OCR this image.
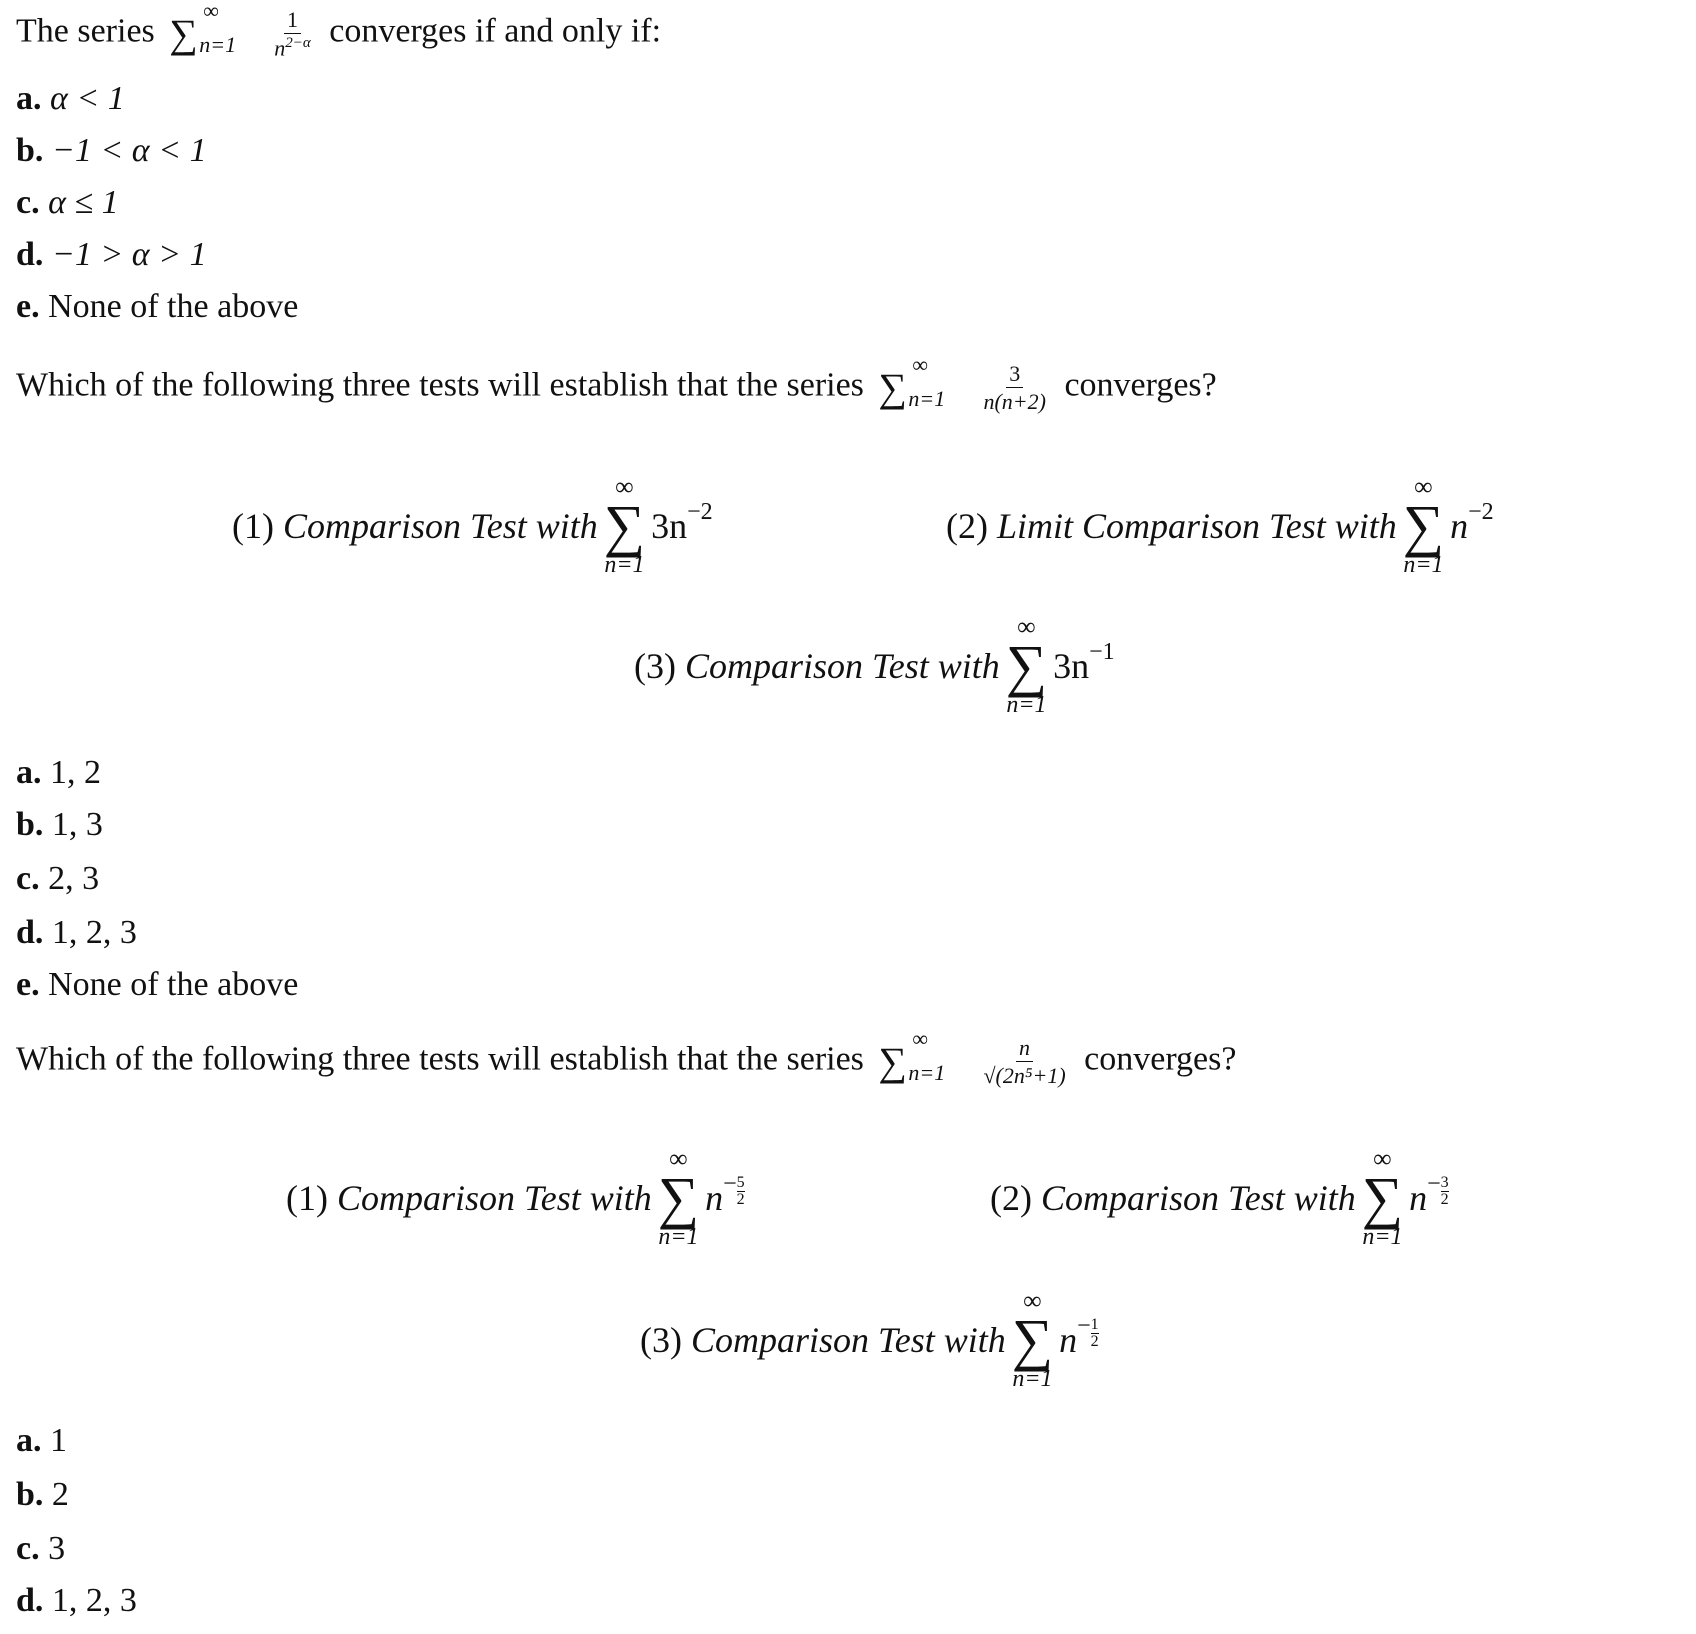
The series ∑
∞
n=1
$\frac{1}{n^{2-\alpha}}$ converges if and only if:
a. α < 1
b. −1 < α < 1
c. α ≤ 1
d. −1 > α > 1
e. None of the above
Which of the following three tests will establish that the series ∑
∞
n=1
$\frac{3}{n(n+2)}$ converges?
(1) Comparison Test with
∞
∑
n=1
$3n^{-2}$	(2) Limit Comparison Test with
∞
∑
n=1
$n^{-2}$
(3) Comparison Test with
∞
∑
n=1
$3n^{-1}$
a. 1, 2
b. 1, 3
c. 2, 3
d. 1, 2, 3
e. None of the above
Which of the following three tests will establish that the series ∑
∞
n=1
$\frac{n}{\text{√(2n⁵+1)}}$ converges?
(1) Comparison Test with
∞
∑
n=1
$n^- \frac{5}{2}$	(2) Comparison Test with
∞
∑
n=1
$n^- \frac{3}{2}$
(3) Comparison Test with
∞
∑
n=1
$n^- \frac{1}{2}$
a. 1
b. 2
c. 3
d. 1, 2, 3
